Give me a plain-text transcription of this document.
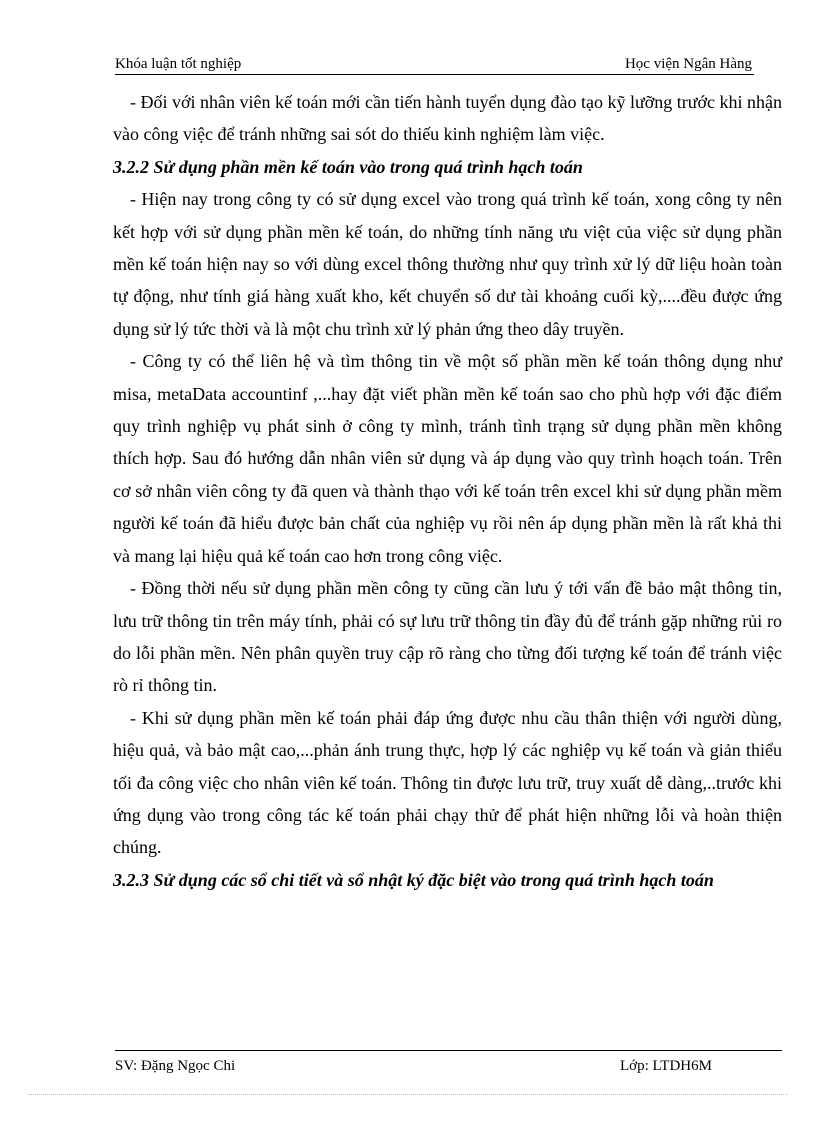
Khóa luận tốt nghiệp	Học viện Ngân Hàng

- Đối với nhân viên kế toán mới cần tiến hành tuyển dụng đào tạo kỹ lưỡng trước khi nhận vào công việc để tránh những sai sót do thiếu kinh nghiệm làm việc.

3.2.2 Sử dụng phần mền kế toán vào trong quá trình hạch toán

- Hiện nay trong công ty có sử dụng excel vào trong quá trình kế toán, xong công ty nên kết hợp với sử dụng phần mền kế toán, do những tính năng ưu việt của việc sử dụng phần mền kế toán hiện nay so với dùng excel thông thường như quy trình xử lý dữ liệu hoàn toàn tự động, như tính giá hàng xuất kho, kết chuyển số dư tài khoảng cuối kỳ,....đều được ứng dụng sử lý tức thời và là một chu trình xử lý phản ứng theo dây truyền.

- Công ty có thể liên hệ và tìm thông tin về một số phần mền kế toán thông dụng như misa, metaData accountinf ,...hay đặt viết phần mền kế toán sao cho phù hợp với đặc điểm quy trình nghiệp vụ phát sinh ở công ty mình, tránh tình trạng sử dụng phần mền không thích hợp. Sau đó hướng dẫn nhân viên sử dụng và áp dụng vào quy trình hoạch toán. Trên cơ sở nhân viên công ty đã quen và thành thạo với kế toán trên excel khi sử dụng phần mềm người kế toán đã hiểu được bản chất của nghiệp vụ rồi nên áp dụng phần mền là rất khả thi và mang lại hiệu quả kế toán cao hơn trong công việc.

- Đồng thời nếu sử dụng phần mền công ty cũng cần lưu ý tới vấn đề bảo mật thông tin, lưu trữ thông tin trên máy tính, phải có sự lưu trữ thông tin đầy đủ để tránh gặp những rủi ro do lỗi phần mền. Nên phân quyền truy cập rõ ràng cho từng đối tượng kế toán để tránh việc rò rỉ thông tin.

- Khi sử dụng phần mền kế toán phải đáp ứng được nhu cầu thân thiện với người dùng, hiệu quả, và bảo mật cao,...phản ánh trung thực, hợp lý các nghiệp vụ kế toán và giản thiểu tối đa công việc cho nhân viên kế toán. Thông tin được lưu trữ, truy xuất dễ dàng,..trước khi ứng dụng vào trong công tác kế toán phải chạy thử để phát hiện những lỗi và hoàn thiện chúng.

3.2.3 Sử dụng các sổ chi tiết và sổ nhật ký đặc biệt vào trong quá trình hạch toán
SV: Đặng Ngọc Chi	Lớp: LTDH6M
